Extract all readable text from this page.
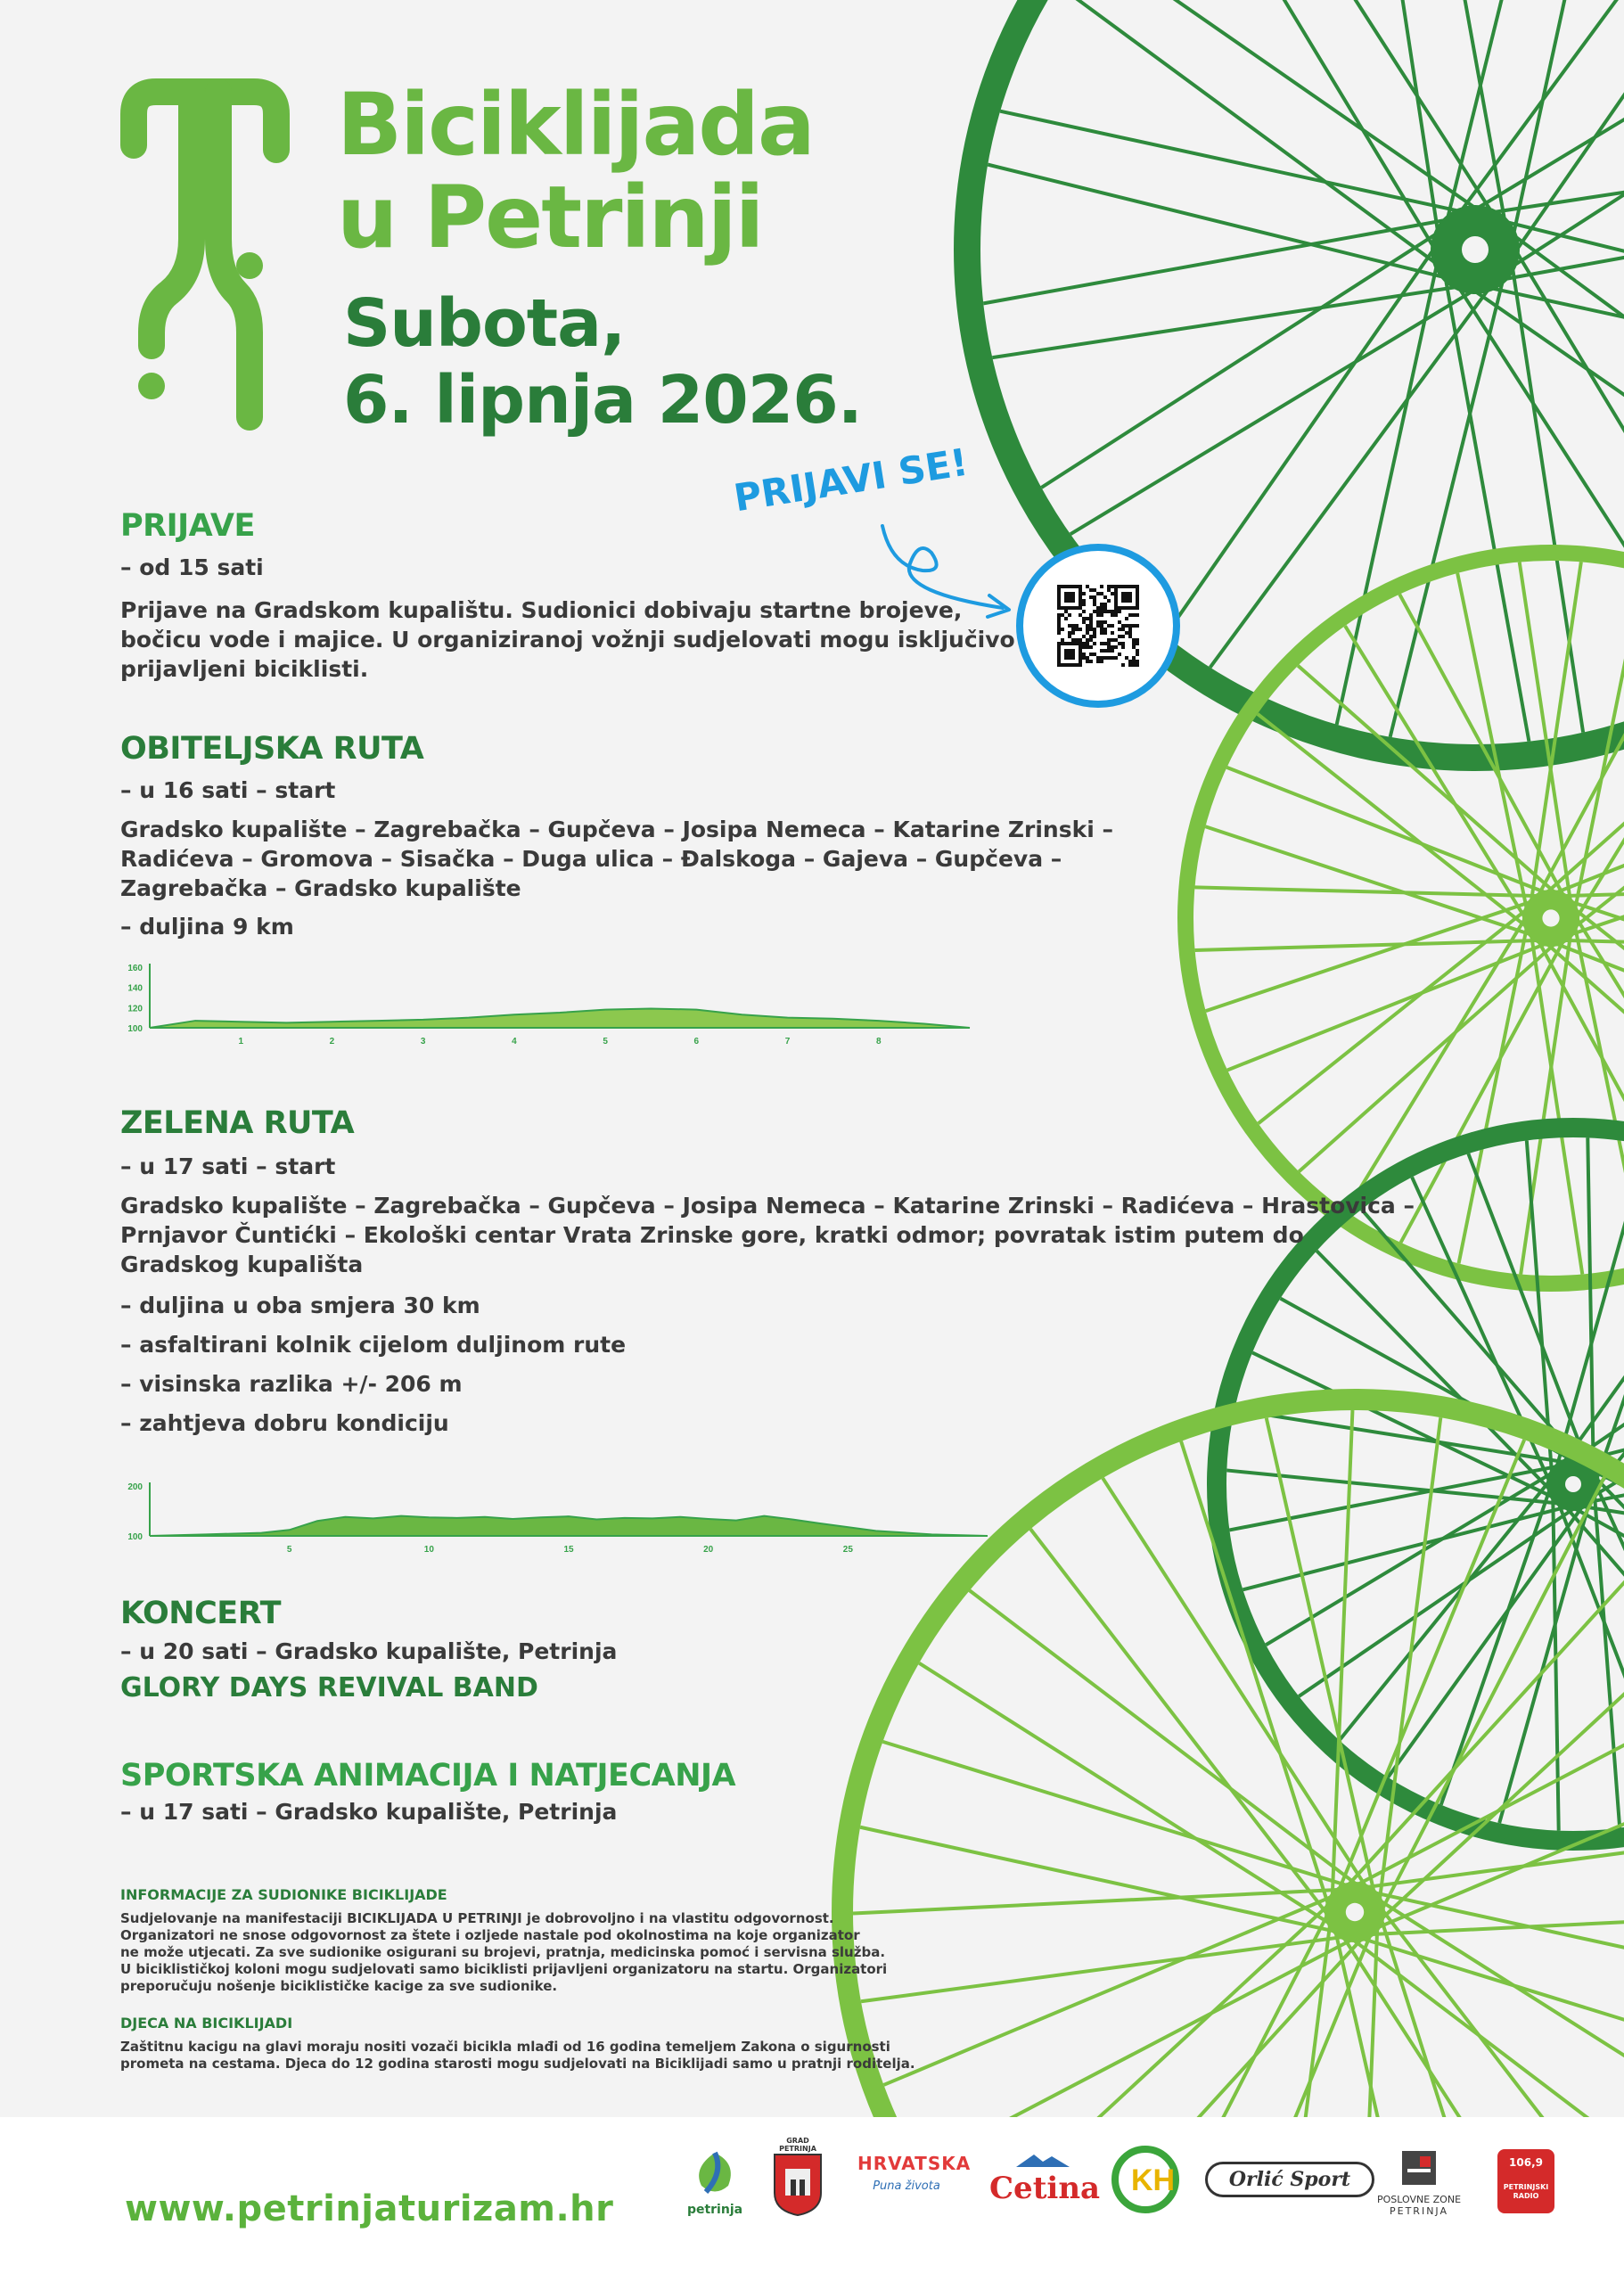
Biciklijada
u Petrinji
Subota,
6. lipnja 2026.

PRIJAVI SE!

PRIJAVE

– od 15 sati

Prijave na Gradskom kupalištu. Sudionici dobivaju startne brojeve,

bočicu vode i majice. U organiziranoj vožnji sudjelovati mogu isključivo

prijavljeni biciklisti.

OBITELJSKA RUTA

– u 16 sati – start

Gradsko kupalište – Zagrebačka – Gupčeva – Josipa Nemeca – Katarine Zrinski –

Radićeva – Gromova – Sisačka – Duga ulica – Đalskoga – Gajeva – Gupčeva –

Zagrebačka – Gradsko kupalište

– duljina 9 km

160
140
120
100
1	2	3	4	5	6	7	8

ZELENA RUTA

– u 17 sati – start

Gradsko kupalište – Zagrebačka – Gupčeva – Josipa Nemeca – Katarine Zrinski – Radićeva – Hrastovica –

Prnjavor Čuntićki – Ekološki centar Vrata Zrinske gore, kratki odmor; povratak istim putem do

Gradskog kupališta

– duljina u oba smjera 30 km

– asfaltirani kolnik cijelom duljinom rute

– visinska razlika +/- 206 m

– zahtjeva dobru kondiciju

200
100
5	10	15	20	25

KONCERT

– u 20 sati – Gradsko kupalište, Petrinja

GLORY DAYS REVIVAL BAND

SPORTSKA ANIMACIJA I NATJECANJA

– u 17 sati – Gradsko kupalište, Petrinja

INFORMACIJE ZA SUDIONIKE BICIKLIJADE

Sudjelovanje na manifestaciji BICIKLIJADA U PETRINJI je dobrovoljno i na vlastitu odgovornost.

Organizatori ne snose odgovornost za štete i ozljede nastale pod okolnostima na koje organizator

ne može utjecati. Za sve sudionike osigurani su brojevi, pratnja, medicinska pomoć i servisna služba.

U biciklističkoj koloni mogu sudjelovati samo biciklisti prijavljeni organizatoru na startu. Organizatori

preporučuju nošenje biciklističke kacige za sve sudionike.

DJECA NA BICIKLIJADI

Zaštitnu kacigu na glavi moraju nositi vozači bicikla mlađi od 16 godina temeljem Zakona o sigurnosti

prometa na cestama. Djeca do 12 godina starosti mogu sudjelovati na Biciklijadi samo u pratnji roditelja.

www.petrinjaturizam.hr	petrinja
GRAD PETRINJA
HRVATSKA
Puna života	Cetina KH	Orlić Sport
POSLOVNE ZONE
PETRINJA
106,9
PETRINJSKI RADIO
